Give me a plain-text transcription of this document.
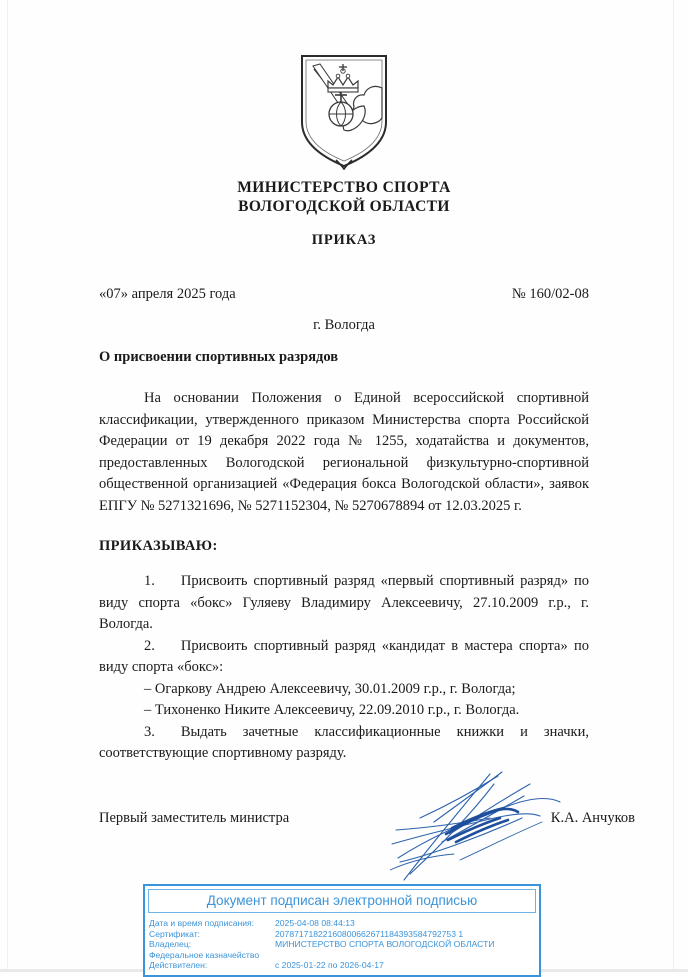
МИНИСТЕРСТВО СПОРТА
ВОЛОГОДСКОЙ ОБЛАСТИ
ПРИКАЗ
«07» апреля 2025 года	№ 160/02-08
г. Вологда
О присвоении спортивных разрядов

На основании Положения о Единой всероссийской спортивной классификации, утвержденного приказом Министерства спорта Российской Федерации от 19 декабря 2022 года № 1255, ходатайства и документов, предоставленных Вологодской региональной физкультурно-спортивной общественной организацией «Федерация бокса Вологодской области», заявок ЕПГУ № 5271321696, № 5271152304, № 5270678894 от 12.03.2025 г.

ПРИКАЗЫВАЮ:

1. Присвоить спортивный разряд «первый спортивный разряд» по виду спорта «бокс» Гуляеву Владимиру Алексеевичу, 27.10.2009 г.р., г. Вологда.

2. Присвоить спортивный разряд «кандидат в мастера спорта» по виду спорта «бокс»:

– Огаркову Андрею Алексеевичу, 30.01.2009 г.р., г. Вологда;

– Тихоненко Никите Алексеевичу, 22.09.2010 г.р., г. Вологда.

3. Выдать зачетные классификационные книжки и значки, соответствующие спортивному разряду.

Первый заместитель министра	К.А. Анчуков
Документ подписан электронной подписью
Дата и время подписания:	2025-04-08 08:44:13
Сертификат:	20787171822160800662671184393584792753 1
Владелец:	МИНИСТЕРСТВО СПОРТА ВОЛОГОДСКОЙ ОБЛАСТИ
Федеральное казначейство
Действителен:	с 2025-01-22 по 2026-04-17
